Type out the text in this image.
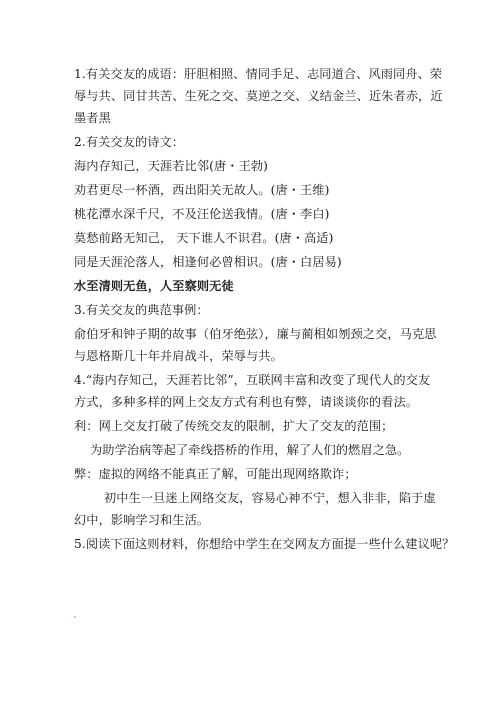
1.有关交友的成语：肝胆相照、情同手足、志同道合、风雨同舟、荣

辱与共、同甘共苦、生死之交、莫逆之交、义结金兰、近朱者赤，近

墨者黑

2.有关交友的诗文：

海内存知己，天涯若比邻(唐・王勃)

劝君更尽一杯酒，西出阳关无故人。(唐・王维)

桃花潭水深千尺，不及汪伦送我情。(唐・李白)

莫愁前路无知己， 天下谁人不识君。(唐・高适)

同是天涯沦落人，相逢何必曾相识。(唐・白居易)

水至清则无鱼，人至察则无徒

3.有关交友的典范事例：

俞伯牙和钟子期的故事（伯牙绝弦），廉与蔺相如刎颈之交，马克思

与恩格斯几十年并肩战斗，荣辱与共。

4.“海内存知己，天涯若比邻”，互联网丰富和改变了现代人的交友

方式，多种多样的网上交友方式有利也有弊，请谈谈你的看法。

利：网上交友打破了传统交友的限制，扩大了交友的范围；

为助学治病等起了牵线搭桥的作用，解了人们的燃眉之急。

弊：虚拟的网络不能真正了解，可能出现网络欺诈；

初中生一旦迷上网络交友，容易心神不宁，想入非非，陷于虚

幻中，影响学习和生活。

5.阅读下面这则材料，你想给中学生在交网友方面提一些什么建议呢？
